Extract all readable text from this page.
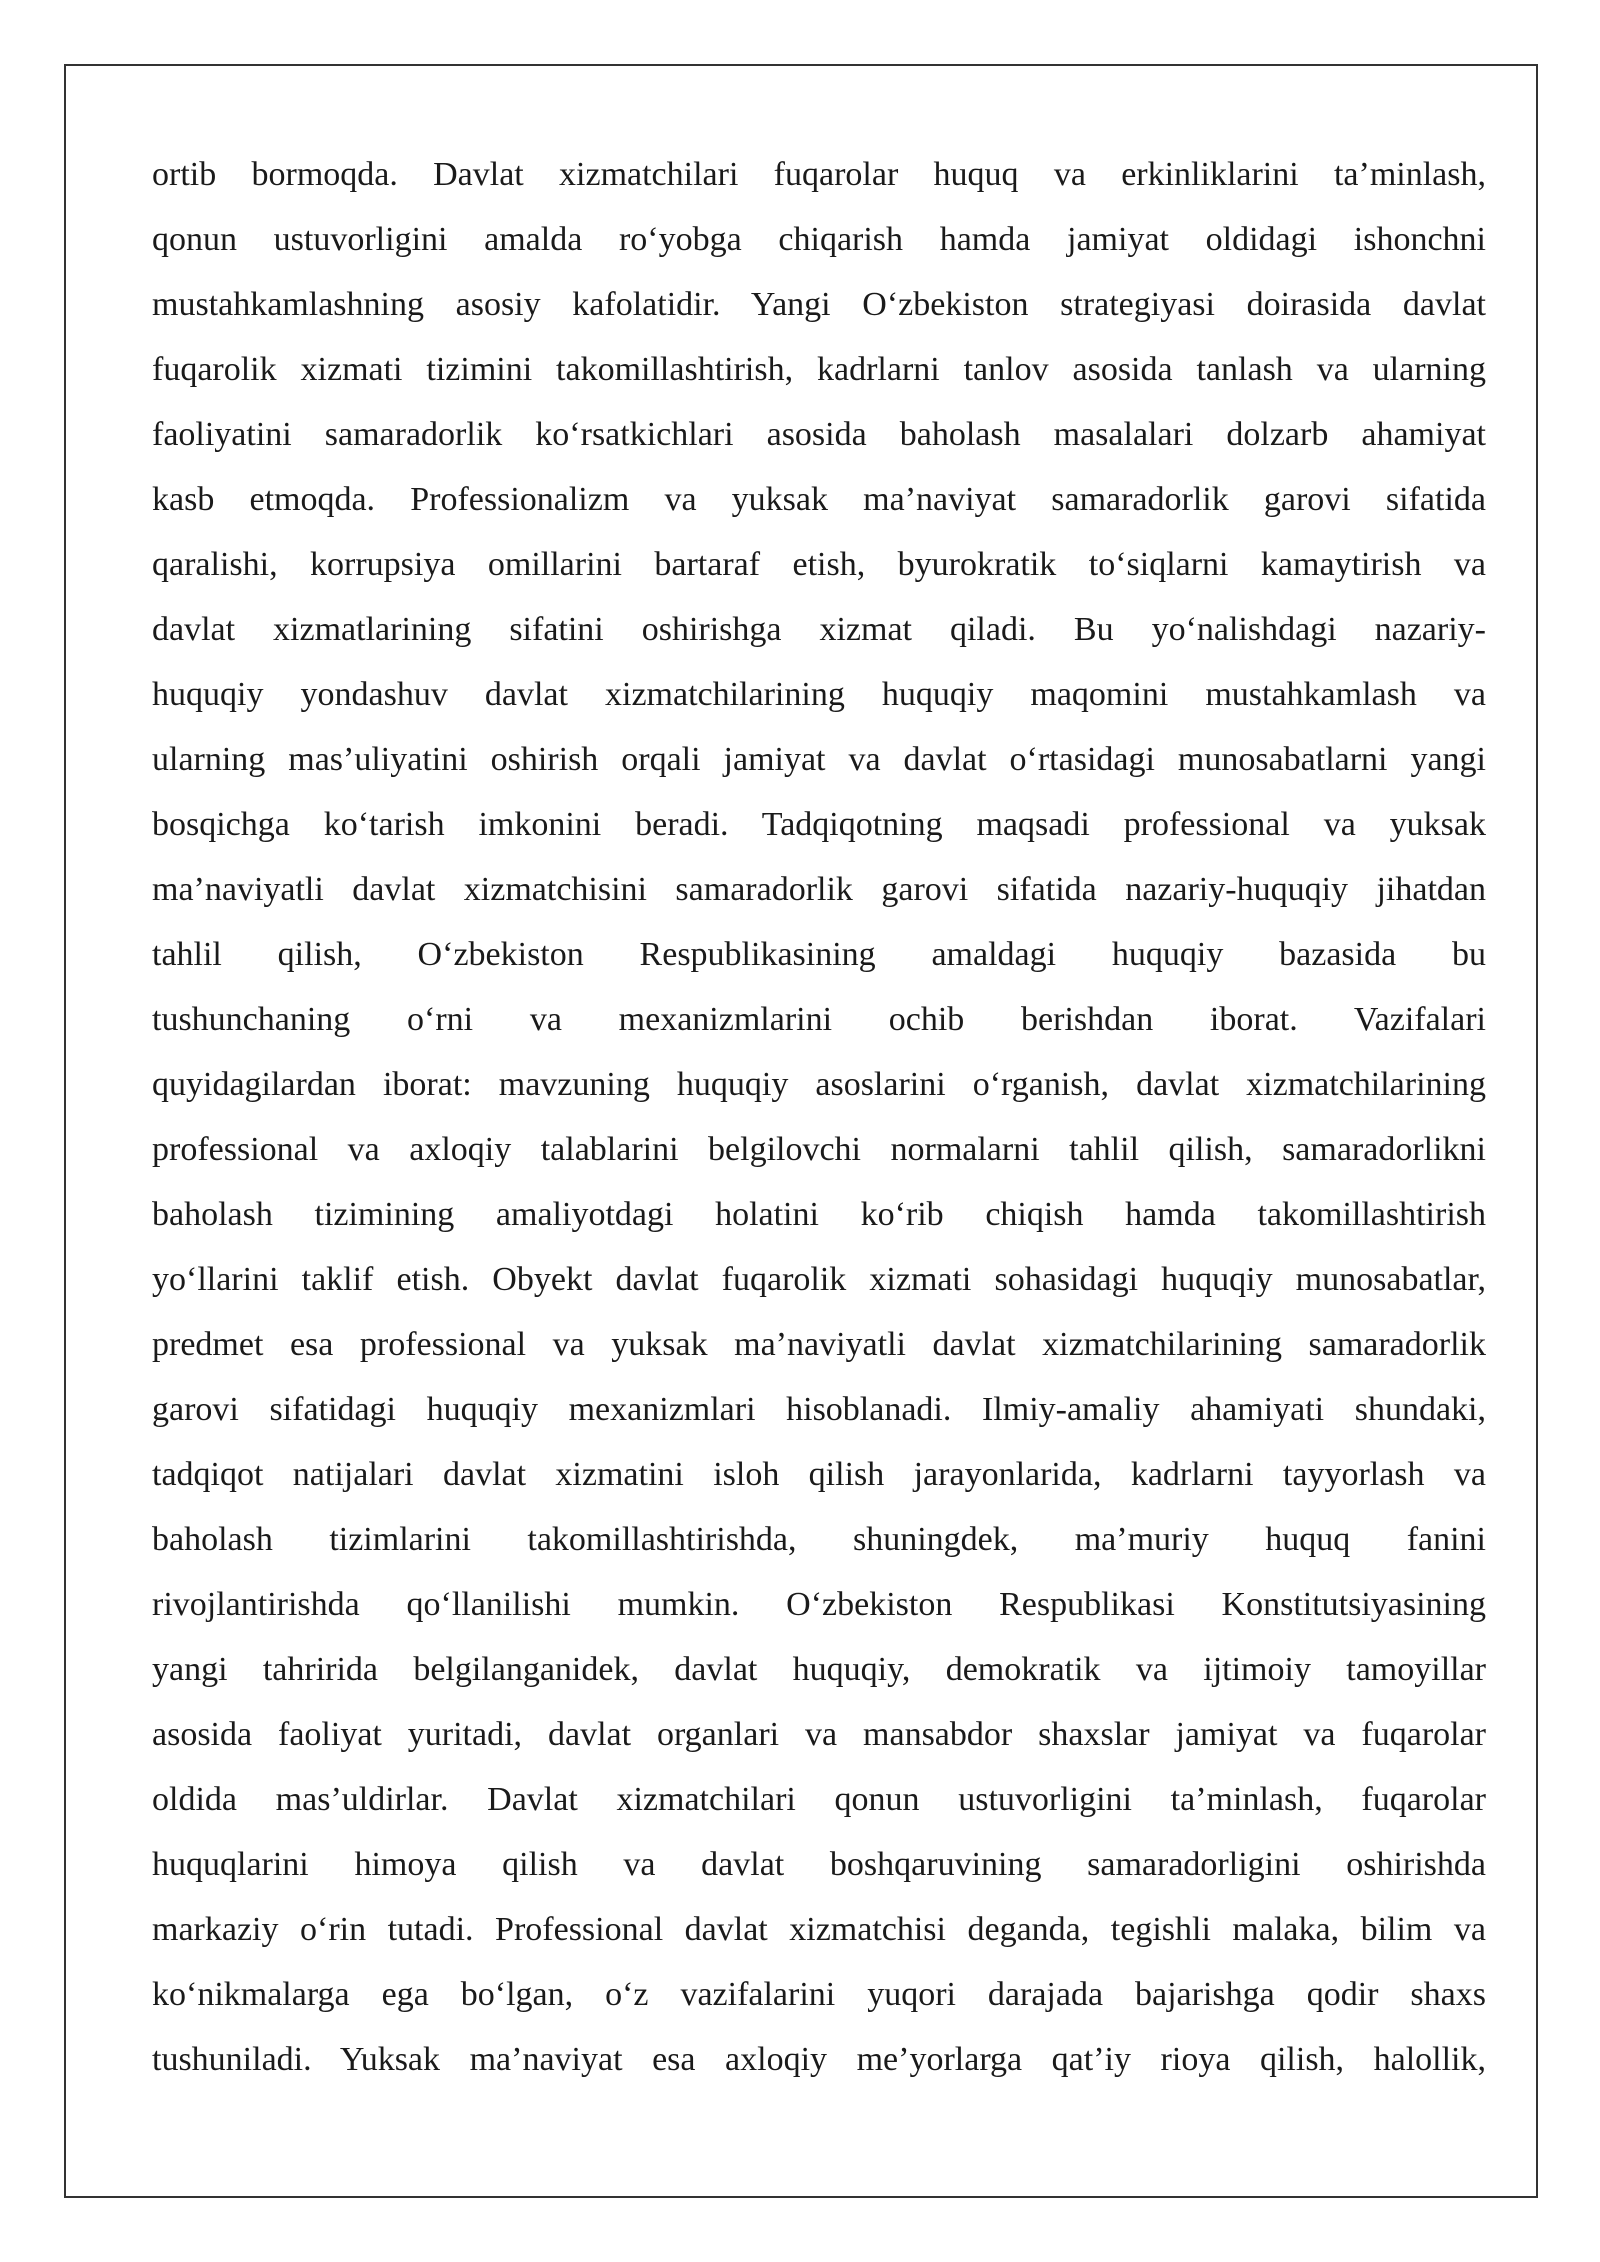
ortib bormoqda. Davlat xizmatchilari fuqarolar huquq va erkinliklarini ta’minlash,
qonun ustuvorligini amalda ro‘yobga chiqarish hamda jamiyat oldidagi ishonchni
mustahkamlashning asosiy kafolatidir. Yangi O‘zbekiston strategiyasi doirasida davlat
fuqarolik xizmati tizimini takomillashtirish, kadrlarni tanlov asosida tanlash va ularning
faoliyatini samaradorlik ko‘rsatkichlari asosida baholash masalalari dolzarb ahamiyat
kasb etmoqda. Professionalizm va yuksak ma’naviyat samaradorlik garovi sifatida
qaralishi, korrupsiya omillarini bartaraf etish, byurokratik to‘siqlarni kamaytirish va
davlat xizmatlarining sifatini oshirishga xizmat qiladi. Bu yo‘nalishdagi nazariy-
huquqiy yondashuv davlat xizmatchilarining huquqiy maqomini mustahkamlash va
ularning mas’uliyatini oshirish orqali jamiyat va davlat o‘rtasidagi munosabatlarni yangi
bosqichga ko‘tarish imkonini beradi. Tadqiqotning maqsadi professional va yuksak
ma’naviyatli davlat xizmatchisini samaradorlik garovi sifatida nazariy-huquqiy jihatdan
tahlil qilish, O‘zbekiston Respublikasining amaldagi huquqiy bazasida bu
tushunchaning o‘rni va mexanizmlarini ochib berishdan iborat. Vazifalari
quyidagilardan iborat: mavzuning huquqiy asoslarini o‘rganish, davlat xizmatchilarining
professional va axloqiy talablarini belgilovchi normalarni tahlil qilish, samaradorlikni
baholash tizimining amaliyotdagi holatini ko‘rib chiqish hamda takomillashtirish
yo‘llarini taklif etish. Obyekt davlat fuqarolik xizmati sohasidagi huquqiy munosabatlar,
predmet esa professional va yuksak ma’naviyatli davlat xizmatchilarining samaradorlik
garovi sifatidagi huquqiy mexanizmlari hisoblanadi. Ilmiy-amaliy ahamiyati shundaki,
tadqiqot natijalari davlat xizmatini isloh qilish jarayonlarida, kadrlarni tayyorlash va
baholash tizimlarini takomillashtirishda, shuningdek, ma’muriy huquq fanini
rivojlantirishda qo‘llanilishi mumkin. O‘zbekiston Respublikasi Konstitutsiyasining
yangi tahririda belgilanganidek, davlat huquqiy, demokratik va ijtimoiy tamoyillar
asosida faoliyat yuritadi, davlat organlari va mansabdor shaxslar jamiyat va fuqarolar
oldida mas’uldirlar. Davlat xizmatchilari qonun ustuvorligini ta’minlash, fuqarolar
huquqlarini himoya qilish va davlat boshqaruvining samaradorligini oshirishda
markaziy o‘rin tutadi. Professional davlat xizmatchisi deganda, tegishli malaka, bilim va
ko‘nikmalarga ega bo‘lgan, o‘z vazifalarini yuqori darajada bajarishga qodir shaxs
tushuniladi. Yuksak ma’naviyat esa axloqiy me’yorlarga qat’iy rioya qilish, halollik,
